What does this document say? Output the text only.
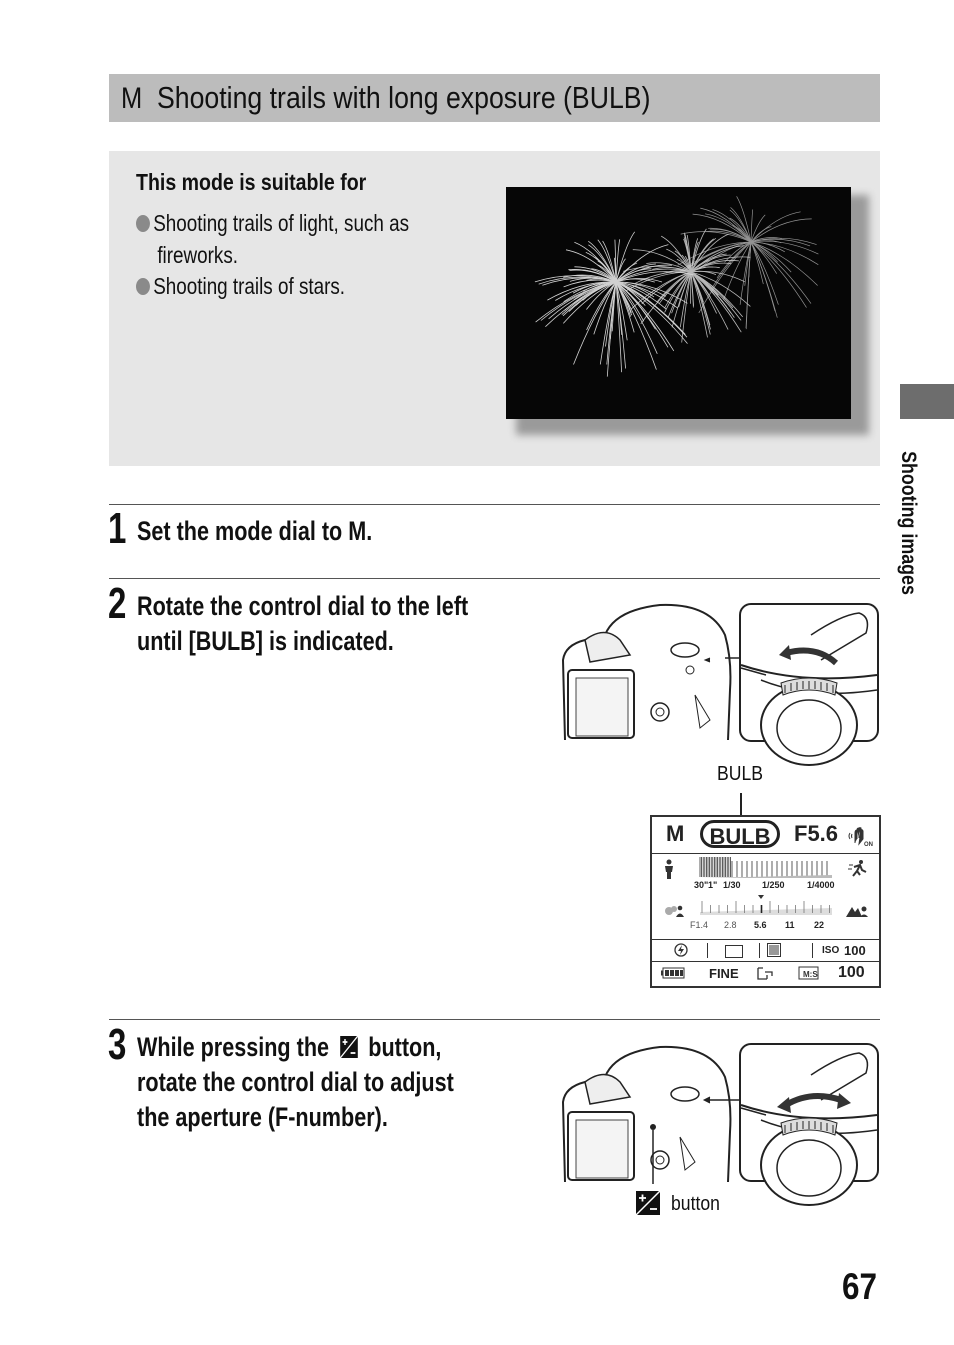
M Shooting trails with long exposure (BULB)
This mode is suitable for
Shooting trails of light, such as
fireworks.
Shooting trails of stars.
1 Set the mode dial to M.
2 Rotate the control dial to the left
until [BULB] is indicated.
3 While pressing the button,
rotate the control dial to adjust
the aperture (F-number).
BULB
M	BULB	F5.6	ON
30" 1" 1/30 1/250 1/4000
F1.4 2.8 5.6 11 22
ISO 100
FINE	M:S 100
button
Shooting images
67
